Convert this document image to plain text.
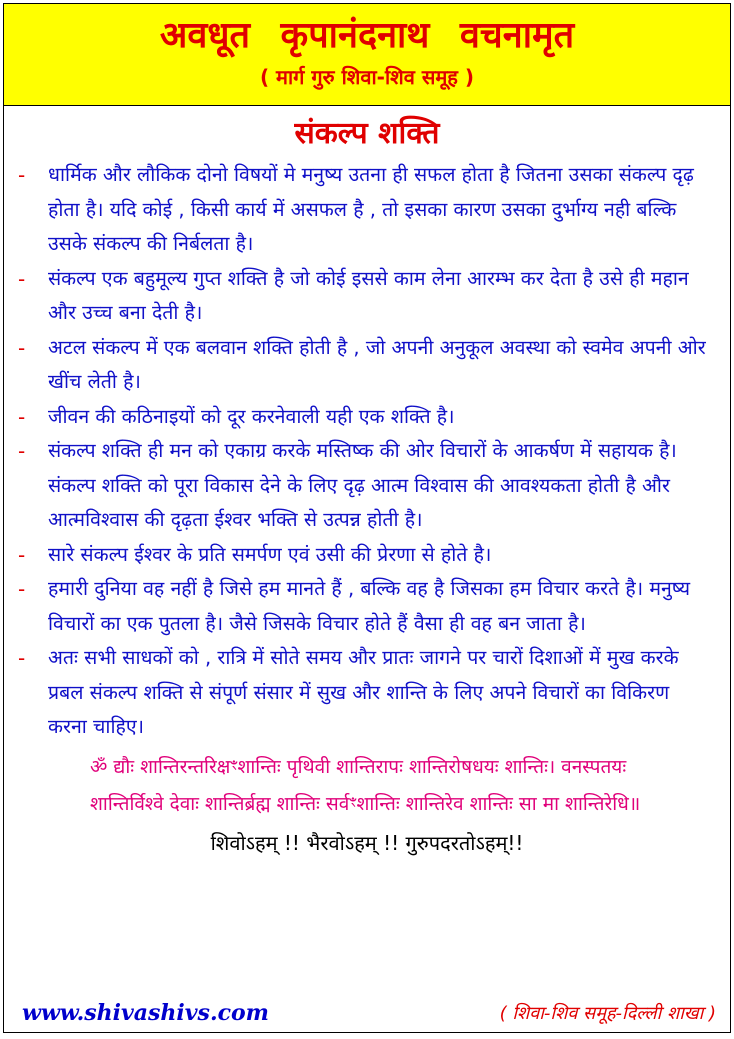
अवधूत कृपानंदनाथ वचनामृत
( मार्ग गुरु शिवा-शिव समूह )
संकल्प शक्ति
-	धार्मिक और लौकिक दोनो विषयों मे मनुष्य उतना ही सफल होता है जितना उसका संकल्प दृढ़ होता है। यदि कोई , किसी कार्य में असफल है , तो इसका कारण उसका दुर्भाग्य नही बल्कि उसके संकल्प की निर्बलता है।
-	संकल्प एक बहुमूल्य गुप्त शक्ति है जो कोई इससे काम लेना आरम्भ कर देता है उसे ही महान और उच्च बना देती है।
-	अटल संकल्प में एक बलवान शक्ति होती है , जो अपनी अनुकूल अवस्था को स्वमेव अपनी ओर खींच लेती है।
-	जीवन की कठिनाइयों को दूर करनेवाली यही एक शक्ति है।
-	संकल्प शक्ति ही मन को एकाग्र करके मस्तिष्क की ओर विचारों के आकर्षण में सहायक है।संकल्प शक्ति को पूरा विकास देने के लिए दृढ़ आत्म विश्वास की आवश्यकता होती है और आत्मविश्वास की दृढ़ता ईश्वर भक्ति से उत्पन्न होती है।
-	सारे संकल्प ईश्वर के प्रति समर्पण एवं उसी की प्रेरणा से होते है।
-	हमारी दुनिया वह नहीं है जिसे हम मानते हैं , बल्कि वह है जिसका हम विचार करते है। मनुष्य विचारों का एक पुतला है। जैसे जिसके विचार होते हैं वैसा ही वह बन जाता है।
-	अतः सभी साधकों को , रात्रि में सोते समय और प्रातः जागने पर चारों दिशाओं में मुख करके प्रबल संकल्प शक्ति से संपूर्ण संसार में सुख और शान्ति के लिए अपने विचारों का विकिरण करना चाहिए।
ॐ द्यौः शान्तिरन्तरिक्षꣳशान्तिः पृथिवी शान्तिरापः शान्तिरोषधयः शान्तिः। वनस्पतयः शान्तिर्विश्वे देवाः शान्तिर्ब्रह्म शान्तिः सर्वꣳशान्तिः शान्तिरेव शान्तिः सा मा शान्तिरेधि॥
शिवोऽहम् !! भैरवोऽहम् !! गुरुपदरतोऽहम्!!
www.shivashivs.com	( शिवा-शिव समूह-दिल्ली शाखा )
